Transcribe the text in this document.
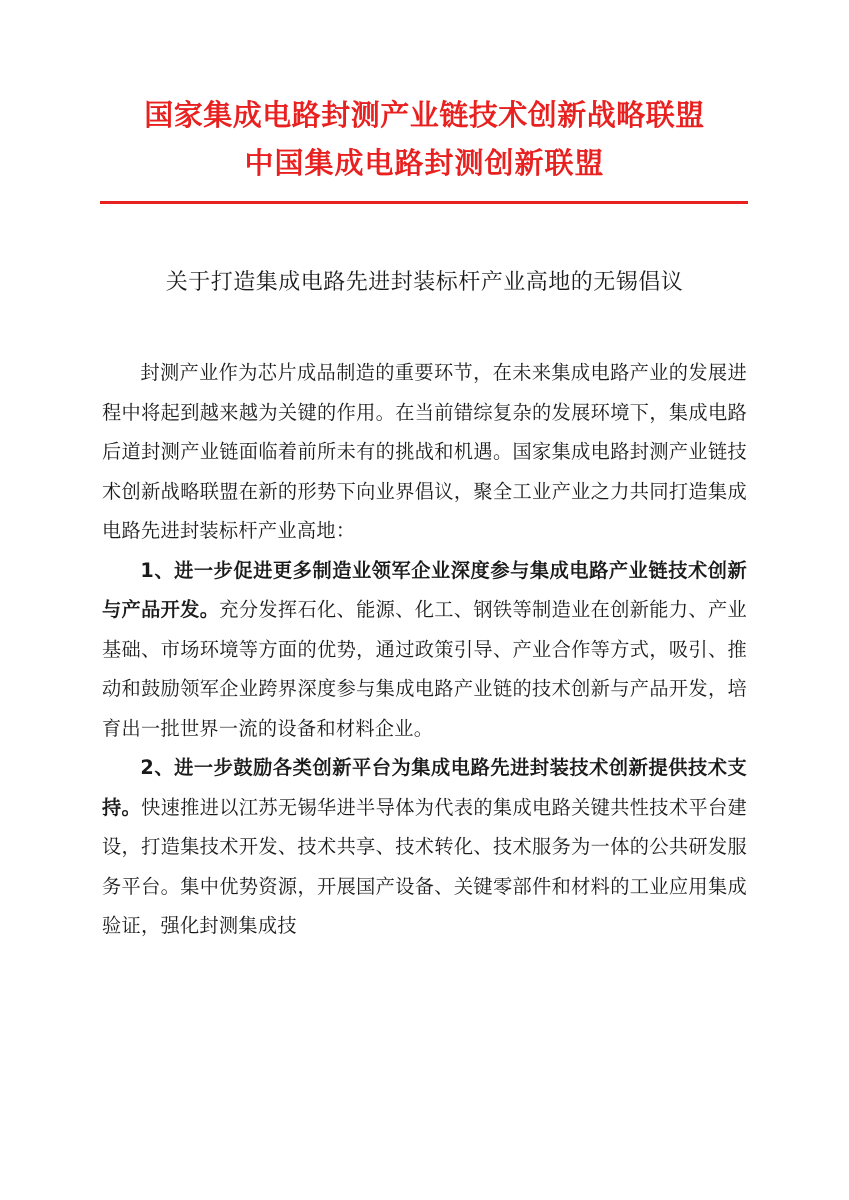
国家集成电路封测产业链技术创新战略联盟
中国集成电路封测创新联盟
关于打造集成电路先进封装标杆产业高地的无锡倡议

封测产业作为芯片成品制造的重要环节，在未来集成电路产业的发展进程中将起到越来越为关键的作用。在当前错综复杂的发展环境下，集成电路后道封测产业链面临着前所未有的挑战和机遇。国家集成电路封测产业链技术创新战略联盟在新的形势下向业界倡议，聚全工业产业之力共同打造集成电路先进封装标杆产业高地：

1、进一步促进更多制造业领军企业深度参与集成电路产业链技术创新与产品开发。充分发挥石化、能源、化工、钢铁等制造业在创新能力、产业基础、市场环境等方面的优势，通过政策引导、产业合作等方式，吸引、推动和鼓励领军企业跨界深度参与集成电路产业链的技术创新与产品开发，培育出一批世界一流的设备和材料企业。

2、进一步鼓励各类创新平台为集成电路先进封装技术创新提供技术支持。快速推进以江苏无锡华进半导体为代表的集成电路关键共性技术平台建设，打造集技术开发、技术共享、技术转化、技术服务为一体的公共研发服务平台。集中优势资源，开展国产设备、关键零部件和材料的工业应用集成验证，强化封测集成技
